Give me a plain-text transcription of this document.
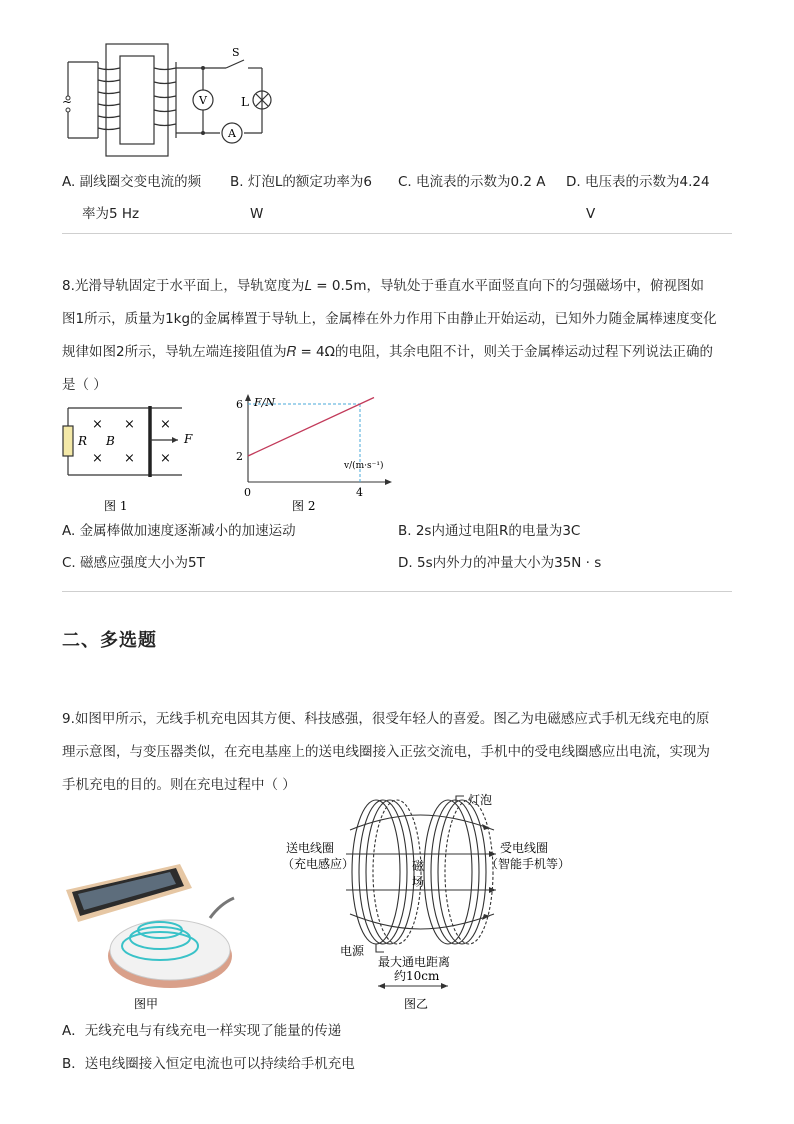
~
S
V	L
A
A. 副线圈交变电流的频
率为5 Hz
B. 灯泡L的额定功率为6
W
C. 电流表的示数为0.2 A D. 电压表的示数为4.24
V
8.光滑导轨固定于水平面上，导轨宽度为𝐿 = 0.5m，导轨处于垂直水平面竖直向下的匀强磁场中，俯视图如
图1所示，质量为1kg的金属棒置于导轨上，金属棒在外力作用下由静止开始运动，已知外力随金属棒速度变化
规律如图2所示，导轨左端连接阻值为𝑅 = 4Ω的电阻，其余电阻不计，则关于金属棒运动过程下列说法正确的
是（ ）
× × ×
× × ×
R B	F
图 1
F/N
v/(m·s⁻¹)
6
2
0	4
图 2
A. 金属棒做加速度逐渐减小的加速运动	B. 2s内通过电阻R的电量为3C
C. 磁感应强度大小为5T	D. 5s内外力的冲量大小为35N · s
二、多选题
9.如图甲所示，无线手机充电因其方便、科技感强，很受年轻人的喜爱。图乙为电磁感应式手机无线充电的原
理示意图，与变压器类似，在充电基座上的送电线圈接入正弦交流电，手机中的受电线圈感应出电流，实现为
手机充电的目的。则在充电过程中（ ）
图甲
灯泡
送电线圈
（充电感应）
受电线圈
（智能手机等）
磁
场
电源
最大通电距离
约10cm
图乙
A．无线充电与有线充电一样实现了能量的传递
B．送电线圈接入恒定电流也可以持续给手机充电
